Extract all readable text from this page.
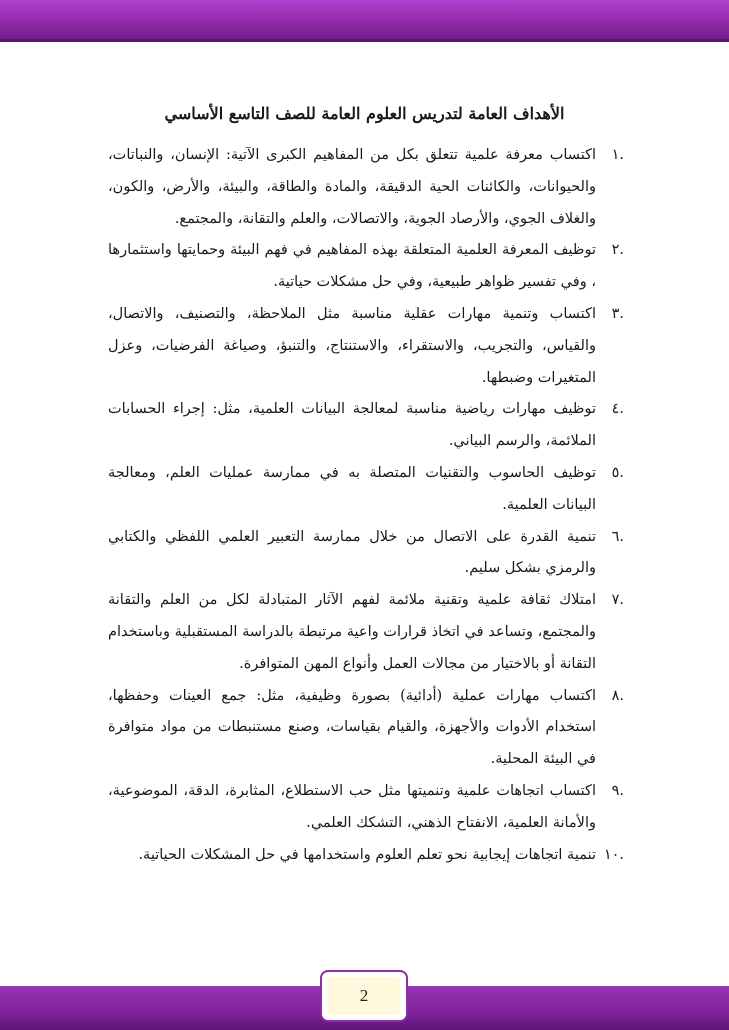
الأهداف العامة لتدريس العلوم العامة للصف التاسع الأساسي
.١
اكتساب معرفة علمية تتعلق بكل من المفاهيم الكبرى الآتية: الإنسان، والنباتات، والحيوانات، والكائنات الحية الدقيقة، والمادة والطاقة، والبيئة، والأرض، والكون، والغلاف الجوي، والأرصاد الجوية، والاتصالات، والعلم والتقانة، والمجتمع.
.٢
توظيف المعرفة العلمية المتعلقة بهذه المفاهيم في فهم البيئة وحمايتها واستثمارها ، وفي تفسير ظواهر طبيعية، وفي حل مشكلات حياتية.
.٣
اكتساب وتنمية مهارات عقلية مناسبة مثل الملاحظة، والتصنيف، والاتصال، والقياس، والتجريب، والاستقراء، والاستنتاج، والتنبؤ، وصياغة الفرضيات، وعزل المتغيرات وضبطها.
.٤
توظيف مهارات رياضية مناسبة لمعالجة البيانات العلمية، مثل: إجراء الحسابات الملائمة، والرسم البياني.
.٥
توظيف الحاسوب والتقنيات المتصلة به في ممارسة عمليات العلم، ومعالجة البيانات العلمية.
.٦
تنمية القدرة على الاتصال من خلال ممارسة التعبير العلمي اللفظي والكتابي والرمزي بشكل سليم.
.٧
امتلاك ثقافة علمية وتقنية ملائمة لفهم الآثار المتبادلة لكل من العلم والتقانة والمجتمع، وتساعد في اتخاذ قرارات واعية مرتبطة بالدراسة المستقبلية وباستخدام التقانة أو بالاختيار من مجالات العمل وأنواع المهن المتوافرة.
.٨
اكتساب مهارات عملية (أدائية) بصورة وظيفية، مثل: جمع العينات وحفظها، استخدام الأدوات والأجهزة، والقيام بقياسات، وصنع مستنبطات من مواد متوافرة في البيئة المحلية.
.٩
اكتساب اتجاهات علمية وتنميتها مثل حب الاستطلاع، المثابرة، الدقة، الموضوعية، والأمانة العلمية، الانفتاح الذهني، التشكك العلمي.
.١٠
تنمية اتجاهات إيجابية نحو تعلم العلوم واستخدامها في حل المشكلات الحياتية.
2
